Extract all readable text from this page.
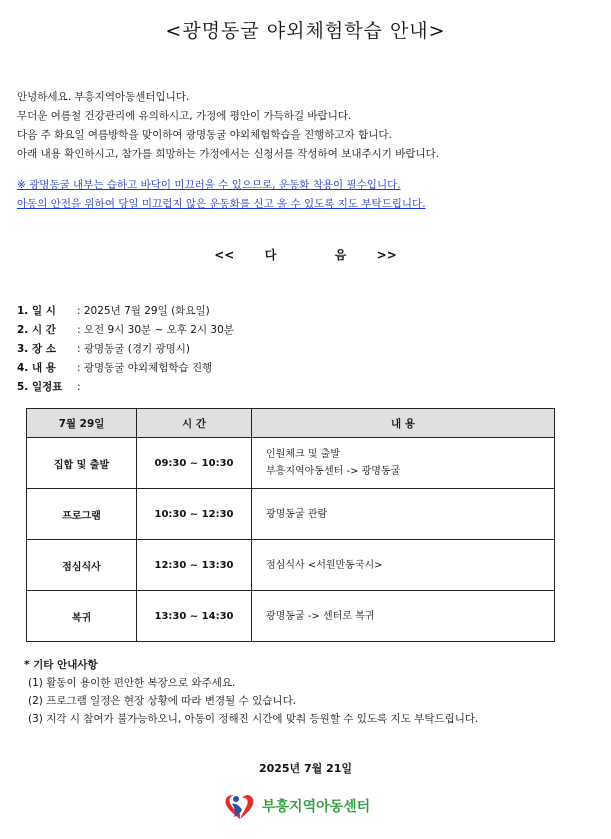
<광명동굴 야외체험학습 안내>
안녕하세요. 부흥지역아동센터입니다.
무더운 여름철 건강관리에 유의하시고, 가정에 평안이 가득하길 바랍니다.
다음 주 화요일 여름방학을 맞이하여 광명동굴 야외체험학습을 진행하고자 합니다.
아래 내용 확인하시고, 참가를 희망하는 가정에서는 신청서를 작성하여 보내주시기 바랍니다.
※ 광명동굴 내부는 습하고 바닥이 미끄러울 수 있으므로, 운동화 착용이 필수입니다.
아동의 안전을 위하여 당일 미끄럽지 않은 운동화를 신고 올 수 있도록 지도 부탁드립니다.
<<	다	음	>>
1. 일 시	: 2025년 7월 29일 (화요일)
2. 시 간	: 오전 9시 30분 ~ 오후 2시 30분
3. 장 소	: 광명동굴 (경기 광명시)
4. 내 용	: 광명동굴 야외체험학습 진행
5. 일정표	:
7월 29일	시 간	내 용
집합 및 출발	09:30 ~ 10:30	인원체크 및 출발
부흥지역아동센터 -> 광명동굴

프로그램	10:30 ~ 12:30	광명동굴 관람

점심식사	12:30 ~ 13:30	점심식사 <서원만동국시>

복귀	13:30 ~ 14:30	광명동굴 -> 센터로 복귀
* 기타 안내사항
(1) 활동이 용이한 편안한 복장으로 와주세요.
(2) 프로그램 일정은 현장 상황에 따라 변경될 수 있습니다.
(3) 지각 시 참여가 불가능하오니, 아동이 정해진 시간에 맞춰 등원할 수 있도록 지도 부탁드립니다.
2025년 7월 21일
부흥지역아동센터
